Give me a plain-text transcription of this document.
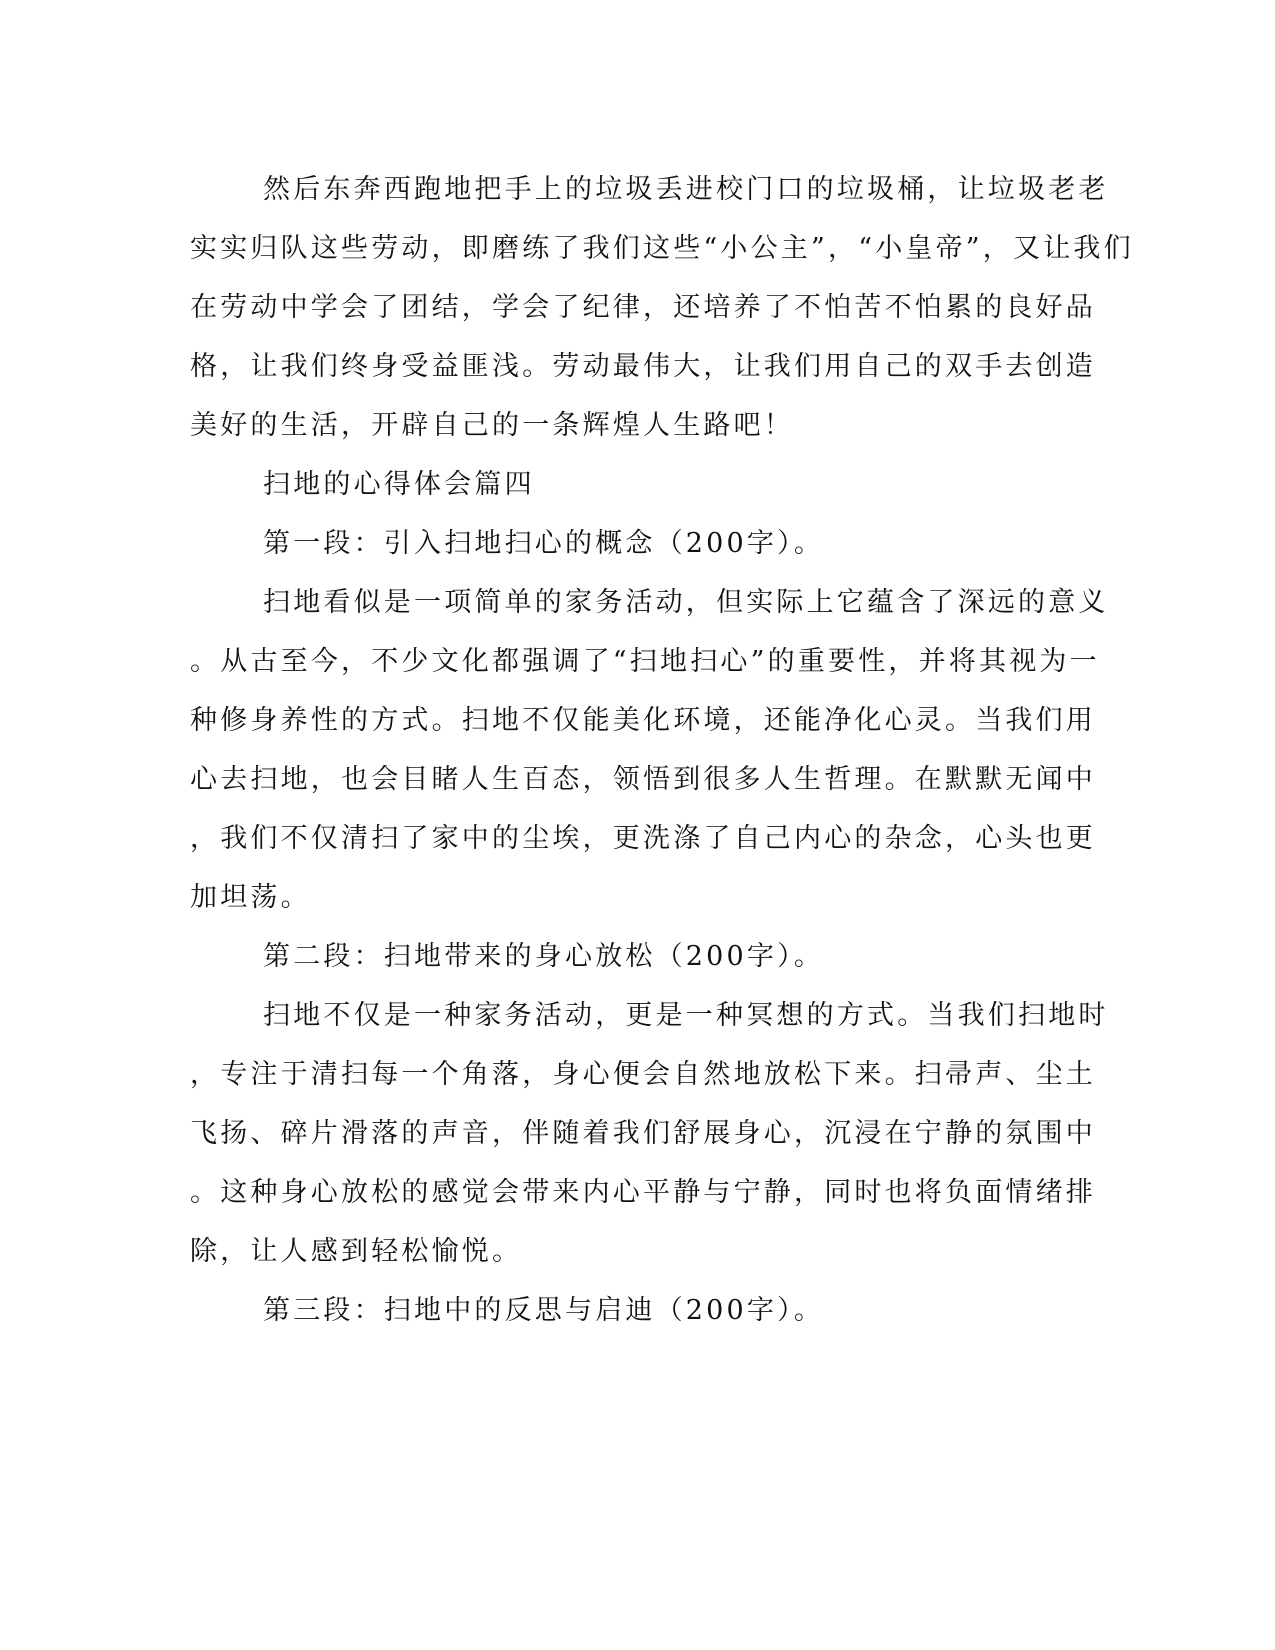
然后东奔西跑地把手上的垃圾丢进校门口的垃圾桶，让垃圾老老
实实归队这些劳动，即磨练了我们这些“小公主”，“小皇帝”，又让我们
在劳动中学会了团结，学会了纪律，还培养了不怕苦不怕累的良好品
格，让我们终身受益匪浅。劳动最伟大，让我们用自己的双手去创造
美好的生活，开辟自己的一条辉煌人生路吧！
扫地的心得体会篇四
第一段：引入扫地扫心的概念（200字）。
扫地看似是一项简单的家务活动，但实际上它蕴含了深远的意义
。从古至今，不少文化都强调了“扫地扫心”的重要性，并将其视为一
种修身养性的方式。扫地不仅能美化环境，还能净化心灵。当我们用
心去扫地，也会目睹人生百态，领悟到很多人生哲理。在默默无闻中
，我们不仅清扫了家中的尘埃，更洗涤了自己内心的杂念，心头也更
加坦荡。
第二段：扫地带来的身心放松（200字）。
扫地不仅是一种家务活动，更是一种冥想的方式。当我们扫地时
，专注于清扫每一个角落，身心便会自然地放松下来。扫帚声、尘土
飞扬、碎片滑落的声音，伴随着我们舒展身心，沉浸在宁静的氛围中
。这种身心放松的感觉会带来内心平静与宁静，同时也将负面情绪排
除，让人感到轻松愉悦。
第三段：扫地中的反思与启迪（200字）。
